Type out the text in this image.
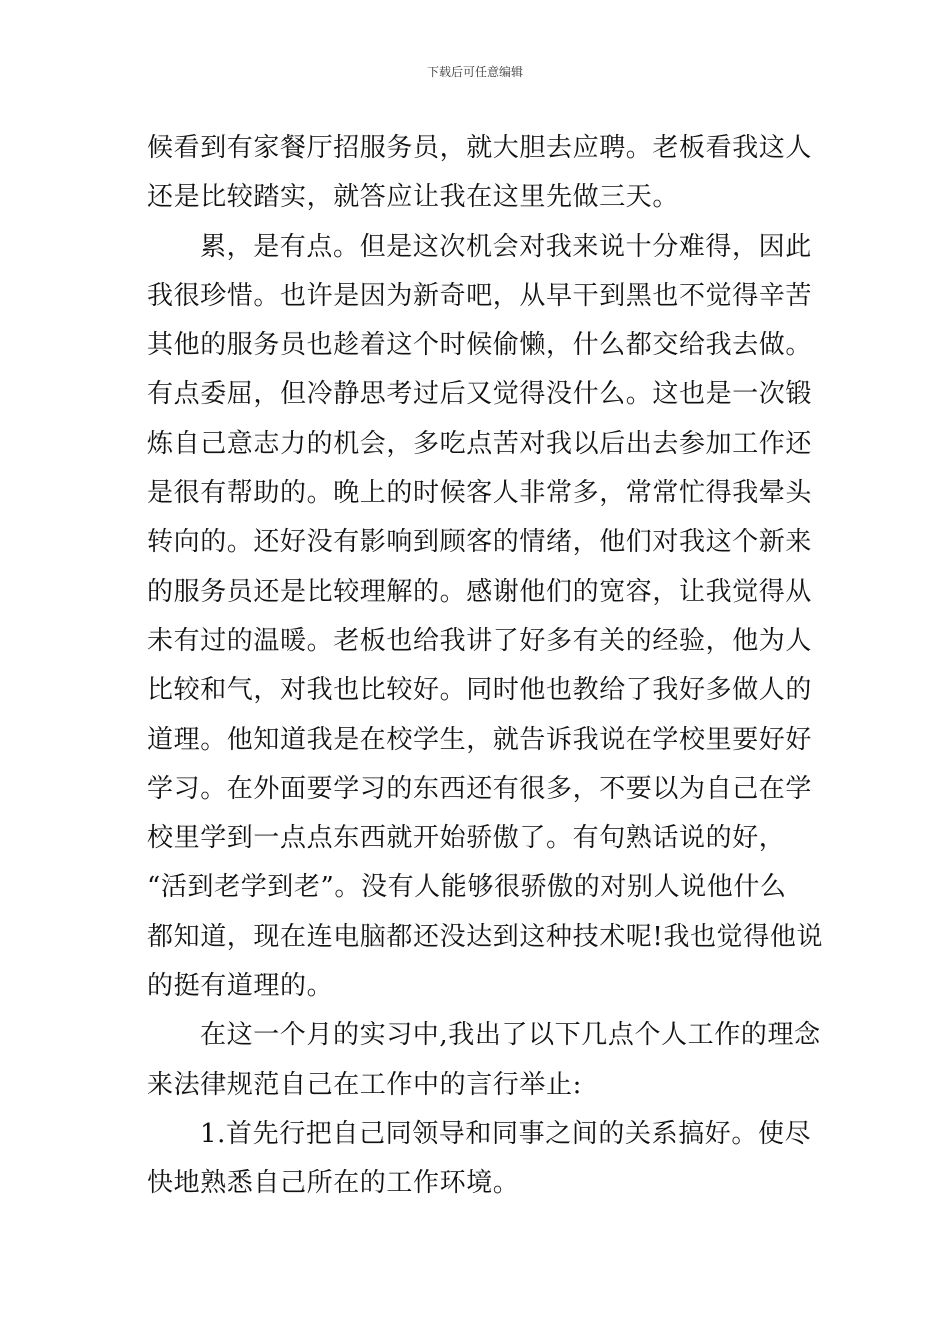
下载后可任意编辑
候看到有家餐厅招服务员，就大胆去应聘。老板看我这人
还是比较踏实，就答应让我在这里先做三天。
累，是有点。但是这次机会对我来说十分难得，因此
我很珍惜。也许是因为新奇吧，从早干到黑也不觉得辛苦
其他的服务员也趁着这个时候偷懒，什么都交给我去做。
有点委屈，但冷静思考过后又觉得没什么。这也是一次锻
炼自己意志力的机会，多吃点苦对我以后出去参加工作还
是很有帮助的。晚上的时候客人非常多，常常忙得我晕头
转向的。还好没有影响到顾客的情绪，他们对我这个新来
的服务员还是比较理解的。感谢他们的宽容，让我觉得从
未有过的温暖。老板也给我讲了好多有关的经验，他为人
比较和气，对我也比较好。同时他也教给了我好多做人的
道理。他知道我是在校学生，就告诉我说在学校里要好好
学习。在外面要学习的东西还有很多，不要以为自己在学
校里学到一点点东西就开始骄傲了。有句熟话说的好，
“活到老学到老”。没有人能够很骄傲的对别人说他什么
都知道，现在连电脑都还没达到这种技术呢!我也觉得他说
的挺有道理的。
在这一个月的实习中,我出了以下几点个人工作的理念
来法律规范自己在工作中的言行举止:
1.首先行把自己同领导和同事之间的关系搞好。使尽
快地熟悉自己所在的工作环境。
